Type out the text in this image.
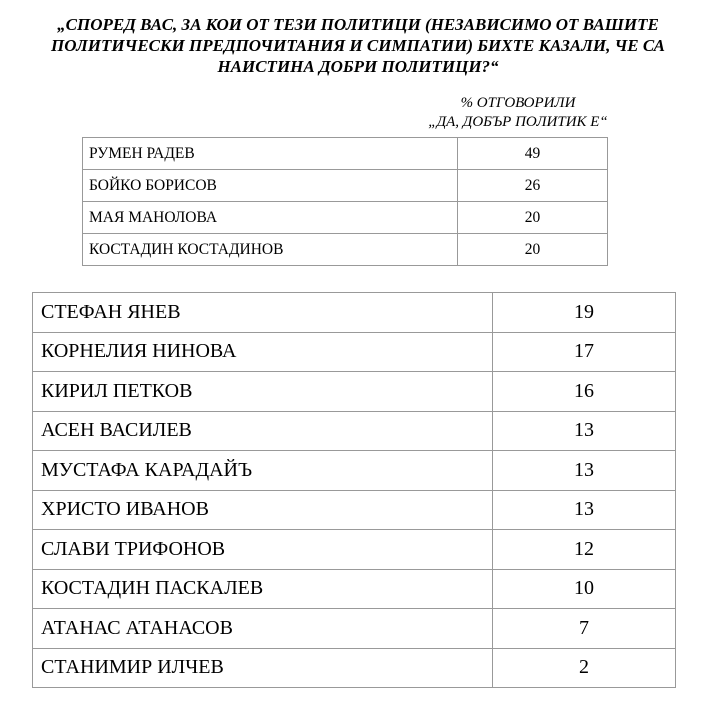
„СПОРЕД ВАС, ЗА КОИ ОТ ТЕЗИ ПОЛИТИЦИ (НЕЗАВИСИМО ОТ ВАШИТЕ
ПОЛИТИЧЕСКИ ПРЕДПОЧИТАНИЯ И СИМПАТИИ) БИХТЕ КАЗАЛИ, ЧЕ СА
НАИСТИНА ДОБРИ ПОЛИТИЦИ?“
% ОТГОВОРИЛИ
„ДА, ДОБЪР ПОЛИТИК Е“
РУМЕН РАДЕВ	49
БОЙКО БОРИСОВ	26
МАЯ МАНОЛОВА	20
КОСТАДИН КОСТАДИНОВ	20
СТЕФАН ЯНЕВ	19
КОРНЕЛИЯ НИНОВА	17
КИРИЛ ПЕТКОВ	16
АСЕН ВАСИЛЕВ	13
МУСТАФА КАРАДАЙЪ	13
ХРИСТО ИВАНОВ	13
СЛАВИ ТРИФОНОВ	12
КОСТАДИН ПАСКАЛЕВ	10
АТАНАС АТАНАСОВ	7
СТАНИМИР ИЛЧЕВ	2
